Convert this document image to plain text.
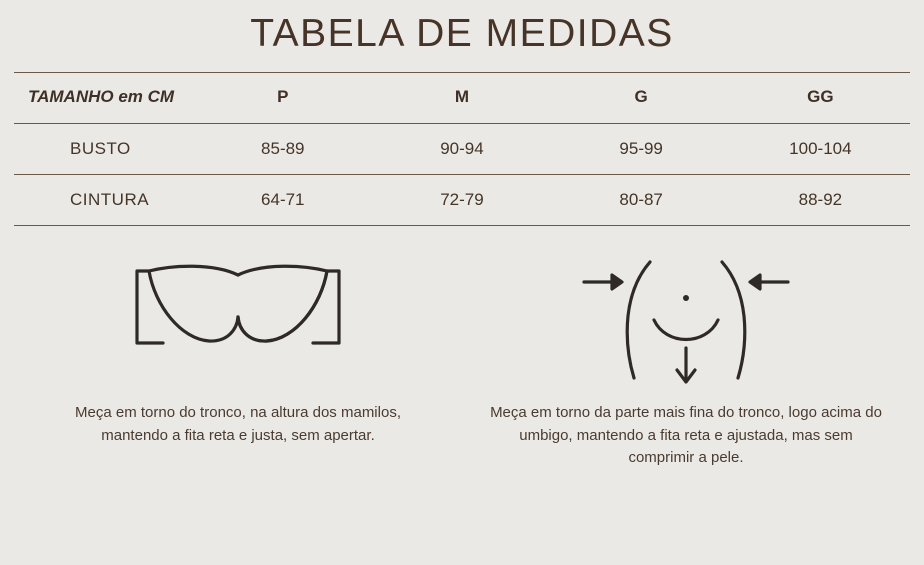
TABELA DE MEDIDAS
TAMANHO em CM	P	M	G	GG
BUSTO	85-89	90-94	95-99	100-104
CINTURA	64-71	72-79	80-87	88-92
Meça em torno do tronco, na altura dos mamilos, mantendo a fita reta e justa, sem apertar.
Meça em torno da parte mais fina do tronco, logo acima do umbigo, mantendo a fita reta e ajustada, mas sem comprimir a pele.
